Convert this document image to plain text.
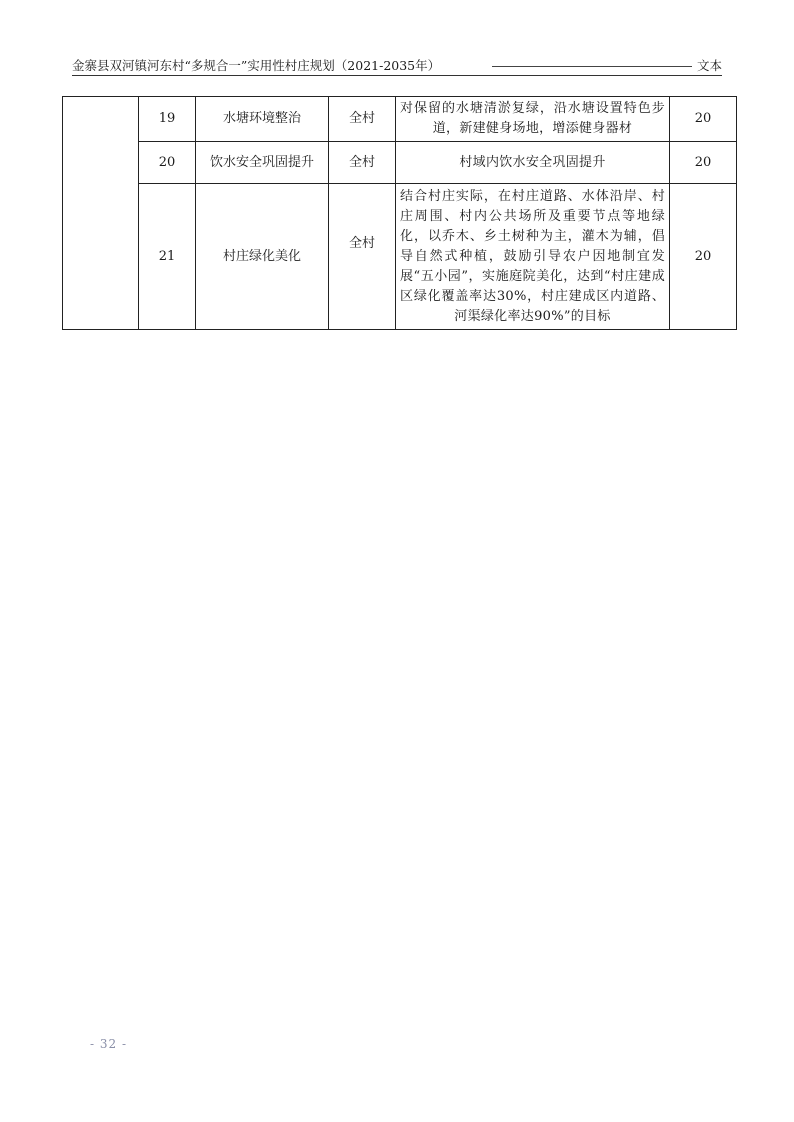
金寨县双河镇河东村“多规合一”实用性村庄规划（2021-2035年）	文本
	19	水塘环境整治	全村	对保留的水塘清淤复绿，沿水塘设置特色步道，新建健身场地，增添健身器材	20
	20	饮水安全巩固提升	全村	村域内饮水安全巩固提升	20
	21	村庄绿化美化	全村	结合村庄实际，在村庄道路、水体沿岸、村庄周围、村内公共场所及重要节点等地绿化，以乔木、乡土树种为主，灌木为辅，倡导自然式种植，鼓励引导农户因地制宜发展“五小园”，实施庭院美化，达到“村庄建成区绿化覆盖率达30%，村庄建成区内道路、河渠绿化率达90%”的目标	20
- 32 -
